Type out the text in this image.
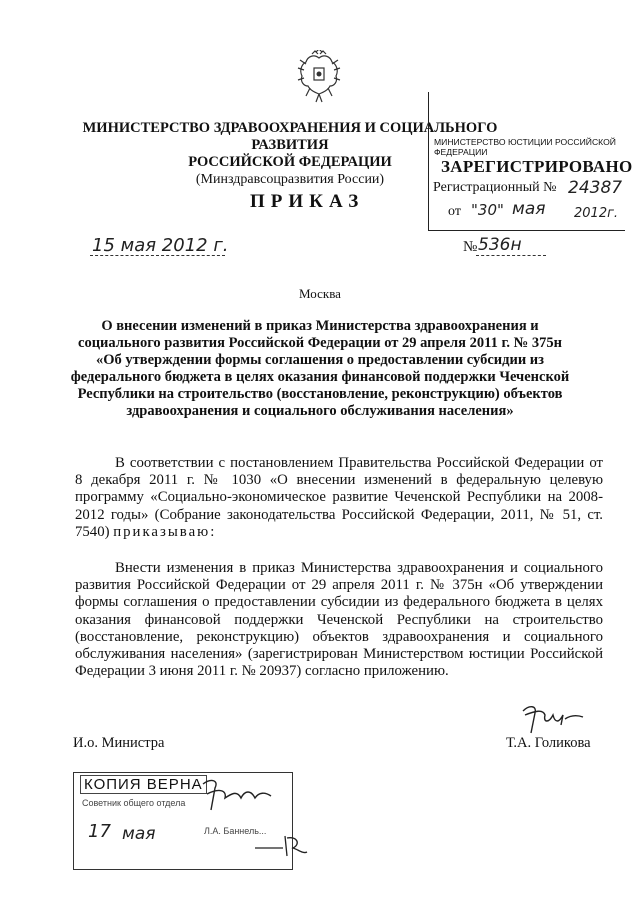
МИНИСТЕРСТВО ЗДРАВООХРАНЕНИЯ И СОЦИАЛЬНОГО РАЗВИТИЯ
РОССИЙСКОЙ ФЕДЕРАЦИИ
(Минздравсоцразвития России)
МИНИСТЕРСТВО ЮСТИЦИИ РОССИЙСКОЙ ФЕДЕРАЦИИ
ЗАРЕГИСТРИРОВАНО
Регистрационный № 24387
от "30" мая 2012г.
ПРИКАЗ
15 мая 2012 г.	№ 536н
Москва
О внесении изменений в приказ Министерства здравоохранения и социального развития Российской Федерации от 29 апреля 2011 г. № 375н «Об утверждении формы соглашения о предоставлении субсидии из федерального бюджета в целях оказания финансовой поддержки Чеченской Республики на строительство (восстановление, реконструкцию) объектов здравоохранения и социального обслуживания населения»

В соответствии с постановлением Правительства Российской Федерации от 8 декабря 2011 г. № 1030 «О внесении изменений в федеральную целевую программу «Социально-экономическое развитие Чеченской Республики на 2008-2012 годы» (Собрание законодательства Российской Федерации, 2011, № 51, ст. 7540) приказываю:

Внести изменения в приказ Министерства здравоохранения и социального развития Российской Федерации от 29 апреля 2011 г. № 375н «Об утверждении формы соглашения о предоставлении субсидии из федерального бюджета в целях оказания финансовой поддержки Чеченской Республики на строительство (восстановление, реконструкцию) объектов здравоохранения и социального обслуживания населения» (зарегистрирован Министерством юстиции Российской Федерации 3 июня 2011 г. № 20937) согласно приложению.

И.о. Министра	Т.А. Голикова
КОПИЯ ВЕРНА
Советник общего отдела
Л.А. Баннель...
17 мая
